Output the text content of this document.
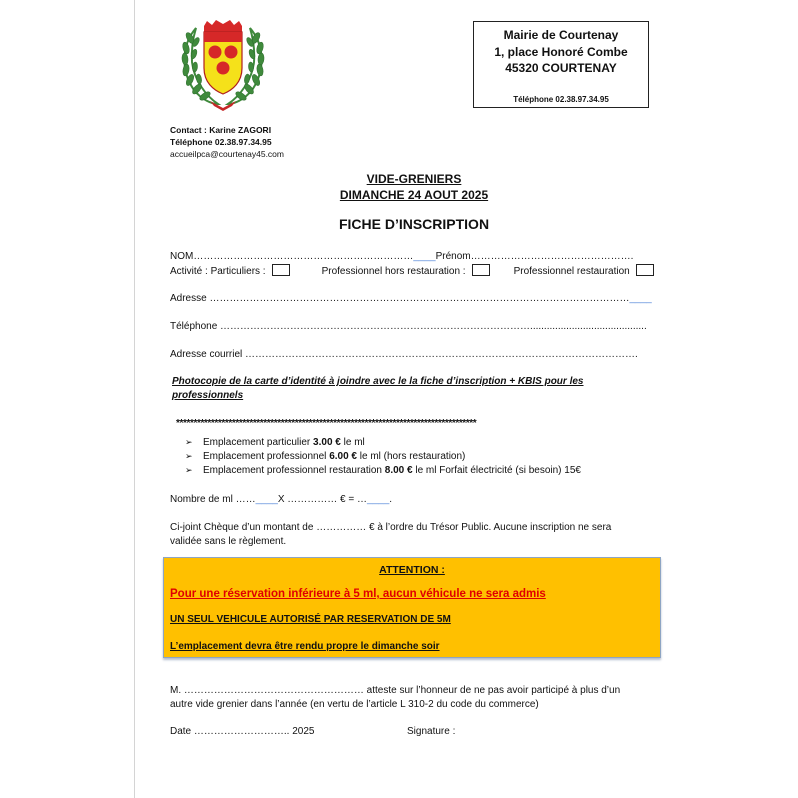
Mairie de Courtenay
1, place Honoré Combe
45320 COURTENAY
Téléphone 02.38.97.34.95
Contact : Karine ZAGORI
Téléphone 02.38.97.34.95
accueilpca@courtenay45.com
VIDE-GRENIERS
DIMANCHE 24 AOUT 2025
FICHE D’INSCRIPTION
NOM…………………………………………………………____Prénom………………………………………….
Activité : Particuliers :	Professionnel hors restauration :	Professionnel restauration
Adresse ………………………………………………………………………………………………………………____
Téléphone …………………………………………………………………………………..........................................
Adresse courriel ……………………………………………………………………………………………………….
Photocopie de la carte d’identité à joindre avec le la fiche d’inscription + KBIS pour les
professionnels
**************************************************************************************
➢ Emplacement particulier 3.00 € le ml
➢ Emplacement professionnel 6.00 € le ml (hors restauration)
➢ Emplacement professionnel restauration 8.00 € le ml Forfait électricité (si besoin) 15€
Nombre de ml ……____X …………… € = …____.
Ci-joint Chèque d’un montant de …………… € à l’ordre du Trésor Public. Aucune inscription ne sera
validée sans le règlement.
ATTENTION :
Pour une réservation inférieure à 5 ml, aucun véhicule ne sera admis
UN SEUL VEHICULE AUTORISÉ PAR RESERVATION DE 5M
L’emplacement devra être rendu propre le dimanche soir
M. ……………………………………………… atteste sur l’honneur de ne pas avoir participé à plus d’un
autre vide grenier dans l’année (en vertu de l’article L 310-2 du code du commerce)
Date ……………………….. 2025	Signature :
